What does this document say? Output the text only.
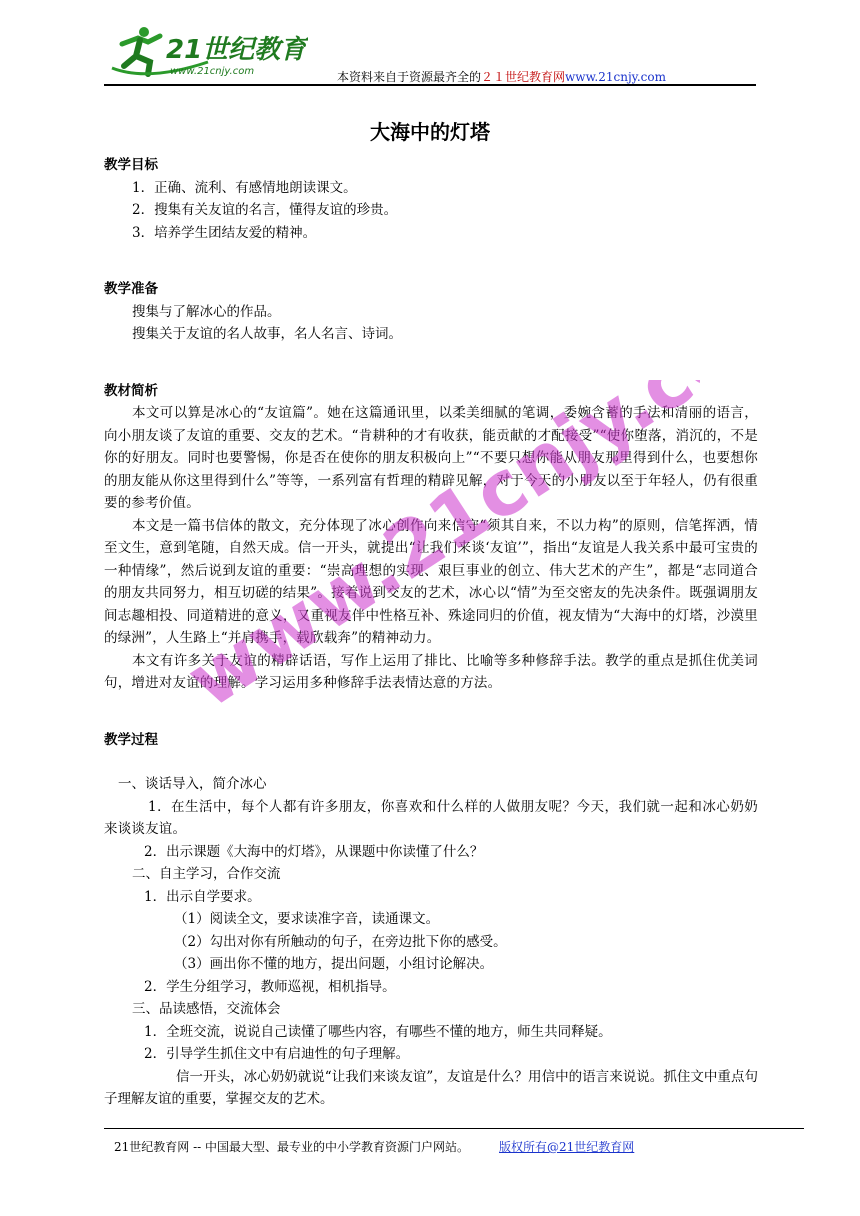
21世纪教育
www.21cnjy.com	本资料来自于资源最齐全的２１世纪教育网www.21cnjy.com
大海中的灯塔

教学目标

1．正确、流利、有感情地朗读课文。

2．搜集有关友谊的名言，懂得友谊的珍贵。

3．培养学生团结友爱的精神。

教学准备

搜集与了解冰心的作品。

搜集关于友谊的名人故事，名人名言、诗词。

教材简析

本文可以算是冰心的“友谊篇”。她在这篇通讯里，以柔美细腻的笔调，委婉含蓄的手法和清丽的语言，向小朋友谈了友谊的重要、交友的艺术。“肯耕种的才有收获，能贡献的才配接受”“使你堕落，消沉的，不是你的好朋友。同时也要警惕，你是否在使你的朋友积极向上”“不要只想你能从朋友那里得到什么，也要想你的朋友能从你这里得到什么”等等，一系列富有哲理的精辟见解，对于今天的小朋友以至于年轻人，仍有很重要的参考价值。

本文是一篇书信体的散文，充分体现了冰心创作向来信守“须其自来，不以力构”的原则，信笔挥洒，情至文生，意到笔随，自然天成。信一开头，就提出“让我们来谈‘友谊’”，指出“友谊是人我关系中最可宝贵的一种情缘”，然后说到友谊的重要：“崇高理想的实现、艰巨事业的创立、伟大艺术的产生”，都是“志同道合的朋友共同努力，相互切磋的结果”。接着说到交友的艺术，冰心以“情”为至交密友的先决条件。既强调朋友间志趣相投、同道精进的意义，又重视友伴中性格互补、殊途同归的价值，视友情为“大海中的灯塔，沙漠里的绿洲”，人生路上“并肩携手，载欣载奔”的精神动力。

本文有许多关于友谊的精辟话语，写作上运用了排比、比喻等多种修辞手法。教学的重点是抓住优美词句，增进对友谊的理解。学习运用多种修辞手法表情达意的方法。

教学过程

一、谈话导入，简介冰心

1．在生活中，每个人都有许多朋友，你喜欢和什么样的人做朋友呢？今天，我们就一起和冰心奶奶来谈谈友谊。

2．出示课题《大海中的灯塔》，从课题中你读懂了什么？

二、自主学习，合作交流

1．出示自学要求。

（1）阅读全文，要求读准字音，读通课文。

（2）勾出对你有所触动的句子，在旁边批下你的感受。

（3）画出你不懂的地方，提出问题，小组讨论解决。

2．学生分组学习，教师巡视，相机指导。

三、品读感悟，交流体会

1．全班交流，说说自己读懂了哪些内容，有哪些不懂的地方，师生共同释疑。

2．引导学生抓住文中有启迪性的句子理解。

信一开头，冰心奶奶就说“让我们来谈友谊”，友谊是什么？用信中的语言来说说。抓住文中重点句子理解友谊的重要，掌握交友的艺术。

www.21cnjy.com
21世纪教育网 -- 中国最大型、最专业的中小学教育资源门户网站。	版权所有@21世纪教育网
